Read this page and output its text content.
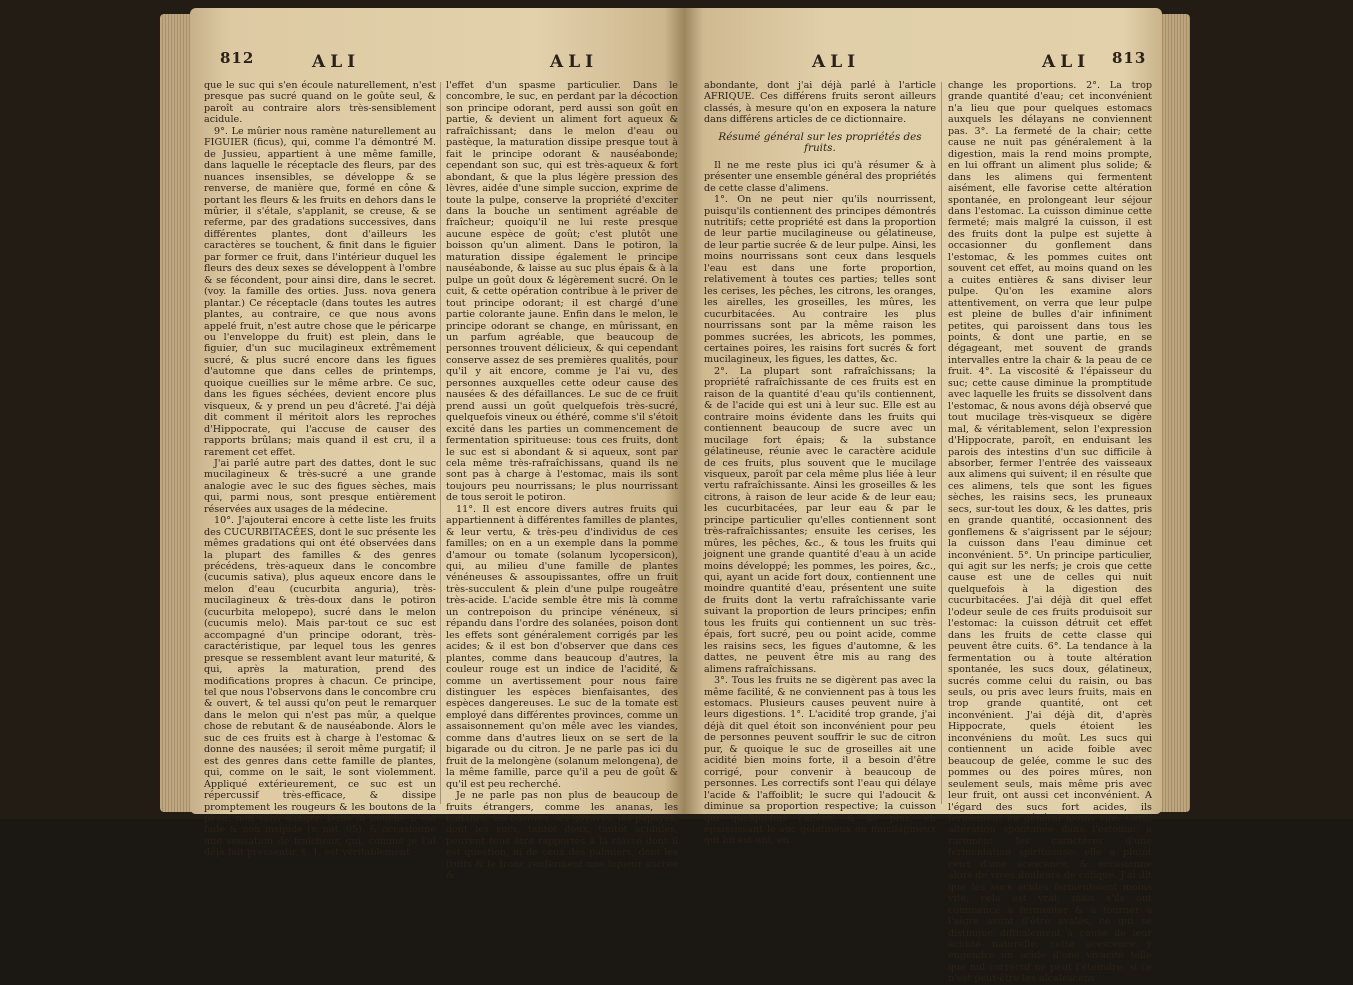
812	ALI	ALI

que le suc qui s'en écoule naturellement, n'est presque pas sucré quand on le goûte seul, & paroît au contraire alors très-sensiblement acidule.

9°. Le mûrier nous ramène naturellement au FIGUIER (ficus), qui, comme l'a démontré M. de Jussieu, appartient à une même famille, dans laquelle le réceptacle des fleurs, par des nuances insensibles, se développe & se renverse, de manière que, formé en cône & portant les fleurs & les fruits en dehors dans le mûrier, il s'étale, s'applanit, se creuse, & se referme, par des gradations successives, dans différentes plantes, dont d'ailleurs les caractères se touchent, & finit dans le figuier par former ce fruit, dans l'intérieur duquel les fleurs des deux sexes se développent à l'ombre & se fécondent, pour ainsi dire, dans le secret. (voy. la famille des orties. Juss. nova genera plantar.) Ce réceptacle (dans toutes les autres plantes, au contraire, ce que nous avons appelé fruit, n'est autre chose que le péricarpe ou l'enveloppe du fruit) est plein, dans le figuier, d'un suc mucilagineux extrêmement sucré, & plus sucré encore dans les figues d'automne que dans celles de printemps, quoique cueillies sur le même arbre. Ce suc, dans les figues séchées, devient encore plus visqueux, & y prend un peu d'âcreté. J'ai déjà dit comment il méritoit alors les reproches d'Hippocrate, qui l'accuse de causer des rapports brûlans; mais quand il est cru, il a rarement cet effet.

J'ai parlé autre part des dattes, dont le suc mucilagineux & très-sucré a une grande analogie avec le suc des figues sèches, mais qui, parmi nous, sont presque entièrement réservées aux usages de la médecine.

10°. J'ajouterai encore à cette liste les fruits des CUCURBITACÉES, dont le suc présente les mêmes gradations qui ont été observées dans la plupart des familles & des genres précédens, très-aqueux dans le concombre (cucumis sativa), plus aqueux encore dans le melon d'eau (cucurbita anguria), très-mucilagineux & très-doux dans le potiron (cucurbita melopepo), sucré dans le melon (cucumis melo). Mais par-tout ce suc est accompagné d'un principe odorant, très-caractéristique, par lequel tous les genres presque se ressemblent avant leur maturité, & qui, après la maturation, prend des modifications propres à chacun. Ce principe, tel que nous l'observons dans le concombre cru & ouvert, & tel aussi qu'on peut le remarquer dans le melon qui n'est pas mûr, a quelque chose de rebutant & de nauséabonde. Alors le suc de ces fruits est à charge à l'estomac & donne des nausées; il seroit même purgatif; il est des genres dans cette famille de plantes, qui, comme on le sait, le sont violemment. Appliqué extérieurement, ce suc est un répercussif très-efficace, & dissipe promptement les rougeurs & les boutons de la peau, non sans danger. Dans la bouche il est fade & non insipide (v. not. 65), & occasionne une sensation de fraîcheur, qui, comme je l'ai déjà fait pressentir, §. 1, est véritablement

l'effet d'un spasme particulier. Dans le concombre, le suc, en perdant par la décoction son principe odorant, perd aussi son goût en partie, & devient un aliment fort aqueux & rafraîchissant; dans le melon d'eau ou pastèque, la maturation dissipe presque tout à fait le principe odorant & nauséabonde; cependant son suc, qui est très-aqueux & fort abondant, & que la plus légère pression des lèvres, aidée d'une simple succion, exprime de toute la pulpe, conserve la propriété d'exciter dans la bouche un sentiment agréable de fraîcheur; quoiqu'il ne lui reste presque aucune espèce de goût; c'est plutôt une boisson qu'un aliment. Dans le potiron, la maturation dissipe également le principe nauséabonde, & laisse au suc plus épais & à la pulpe un goût doux & légèrement sucré. On le cuit, & cette opération contribue à le priver de tout principe odorant; il est chargé d'une partie colorante jaune. Enfin dans le melon, le principe odorant se change, en mûrissant, en un parfum agréable, que beaucoup de personnes trouvent délicieux, & qui cependant conserve assez de ses premières qualités, pour qu'il y ait encore, comme je l'ai vu, des personnes auxquelles cette odeur cause des nausées & des défaillances. Le suc de ce fruit prend aussi un goût quelquefois très-sucré, quelquefois vineux ou éthéré, comme s'il s'étoit excité dans les parties un commencement de fermentation spiritueuse: tous ces fruits, dont le suc est si abondant & si aqueux, sont par cela même très-rafraîchissans, quand ils ne sont pas à charge à l'estomac, mais ils sont toujours peu nourrissans; le plus nourrissant de tous seroit le potiron.

11°. Il est encore divers autres fruits qui appartiennent à différentes familles de plantes, & leur vertu, & très-peu d'individus de ces familles; on en a un exemple dans la pomme d'amour ou tomate (solanum lycopersicon), qui, au milieu d'une famille de plantes vénéneuses & assoupissantes, offre un fruit très-succulent & plein d'une pulpe rougeâtre très-acide. L'acide semble être mis là comme un contrepoison du principe vénéneux, si répandu dans l'ordre des solanées, poison dont les effets sont généralement corrigés par les acides; & il est bon d'observer que dans ces plantes, comme dans beaucoup d'autres, la couleur rouge est un indice de l'acidité, & comme un avertissement pour nous faire distinguer les espèces bienfaisantes, des espèces dangereuses. Le suc de la tomate est employé dans différentes provinces, comme un assaisonnement qu'on mêle avec les viandes, comme dans d'autres lieux on se sert de la bigarade ou du citron. Je ne parle pas ici du fruit de la melongène (solanum melongena), de la même famille, parce qu'il a peu de goût & qu'il est peu recherché.

Je ne parle pas non plus de beaucoup de fruits étrangers, comme les ananas, les bananes, les bacoves, les goyaves, les papayes, dont les sucs, tantôt doux, tantôt acidules, peuvent tous être rapportés à la classe dont il est question, ni de ceux des palmiers, dont les fruits & le tronc renferment une liqueur sucrée &

ALI	ALI 813

abondante, dont j'ai déjà parlé à l'article AFRIQUE. Ces différens fruits seront ailleurs classés, à mesure qu'on en exposera la nature dans différens articles de ce dictionnaire.

Résumé général sur les propriétés des fruits.

Il ne me reste plus ici qu'à résumer & à présenter une ensemble général des propriétés de cette classe d'alimens.

1°. On ne peut nier qu'ils nourrissent, puisqu'ils contiennent des principes démontrés nutritifs; cette propriété est dans la proportion de leur partie mucilagineuse ou gélatineuse, de leur partie sucrée & de leur pulpe. Ainsi, les moins nourrissans sont ceux dans lesquels l'eau est dans une forte proportion, relativement à toutes ces parties; telles sont les cerises, les pêches, les citrons, les oranges, les airelles, les groseilles, les mûres, les cucurbitacées. Au contraire les plus nourrissans sont par la même raison les pommes sucrées, les abricots, les pommes, certaines poires, les raisins fort sucrés & fort mucilagineux, les figues, les dattes, &c.

2°. La plupart sont rafraîchissans; la propriété rafraîchissante de ces fruits est en raison de la quantité d'eau qu'ils contiennent, & de l'acide qui est uni à leur suc. Elle est au contraire moins évidente dans les fruits qui contiennent beaucoup de sucre avec un mucilage fort épais; & la substance gélatineuse, réunie avec le caractère acidule de ces fruits, plus souvent que le mucilage visqueux, paroît par cela même plus liée à leur vertu rafraîchissante. Ainsi les groseilles & les citrons, à raison de leur acide & de leur eau; les cucurbitacées, par leur eau & par le principe particulier qu'elles contiennent sont très-rafraîchissantes; ensuite les cerises, les mûres, les pêches, &c., & tous les fruits qui joignent une grande quantité d'eau à un acide moins développé; les pommes, les poires, &c., qui, ayant un acide fort doux, contiennent une moindre quantité d'eau, présentent une suite de fruits dont la vertu rafraîchissante varie suivant la proportion de leurs principes; enfin tous les fruits qui contiennent un suc très-épais, fort sucré, peu ou point acide, comme les raisins secs, les figues d'automne, & les dattes, ne peuvent être mis au rang des alimens rafraîchissans.

3°. Tous les fruits ne se digèrent pas avec la même facilité, & ne conviennent pas à tous les estomacs. Plusieurs causes peuvent nuire à leurs digestions. 1°. L'acidité trop grande, j'ai déjà dit quel étoit son inconvénient pour peu de personnes peuvent souffrir le suc de citron pur, & quoique le suc de groseilles ait une acidité bien moins forte, il a besoin d'être corrigé, pour convenir à beaucoup de personnes. Les correctifs sont l'eau qui délaye l'acide & l'affoiblit; le sucre qui l'adoucit & diminue sa proportion respective; la cuisson qui quelquefois l'altère, & de plus, en épaississant le suc gélatineux ou mucilagineux qui lui est uni, en

change les proportions. 2°. La trop grande quantité d'eau; cet inconvénient n'a lieu que pour quelques estomacs auxquels les délayans ne conviennent pas. 3°. La fermeté de la chair; cette cause ne nuit pas généralement à la digestion, mais la rend moins prompte, en lui offrant un aliment plus solide; & dans les alimens qui fermentent aisément, elle favorise cette altération spontanée, en prolongeant leur séjour dans l'estomac. La cuisson diminue cette fermeté; mais malgré la cuisson, il est des fruits dont la pulpe est sujette à occasionner du gonflement dans l'estomac, & les pommes cuites ont souvent cet effet, au moins quand on les a cuites entières & sans diviser leur pulpe. Qu'on les examine alors attentivement, on verra que leur pulpe est pleine de bulles d'air infiniment petites, qui paroissent dans tous les points, & dont une partie, en se dégageant, met souvent de grands intervalles entre la chair & la peau de ce fruit. 4°. La viscosité & l'épaisseur du suc; cette cause diminue la promptitude avec laquelle les fruits se dissolvent dans l'estomac, & nous avons déjà observé que tout mucilage très-visqueux se digère mal, & véritablement, selon l'expression d'Hippocrate, paroît, en enduisant les parois des intestins d'un suc difficile à absorber, fermer l'entrée des vaisseaux aux alimens qui suivent; il en résulte que ces alimens, tels que sont les figues sèches, les raisins secs, les pruneaux secs, sur-tout les doux, & les dattes, pris en grande quantité, occasionnent des gonflemens & s'aigrissent par le séjour; la cuisson dans l'eau diminue cet inconvénient. 5°. Un principe particulier, qui agit sur les nerfs; je crois que cette cause est une de celles qui nuit quelquefois à la digestion des cucurbitacées. J'ai déjà dit quel effet l'odeur seule de ces fruits produisoit sur l'estomac: la cuisson détruit cet effet dans les fruits de cette classe qui peuvent être cuits. 6°. La tendance à la fermentation ou à toute altération spontanée, les sucs doux, gélatineux, sucrés comme celui du raisin, ou bas seuls, ou pris avec leurs fruits, mais en trop grande quantité, ont cet inconvénient. J'ai déjà dit, d'après Hippocrate, quels étoient les inconvéniens du moût. Les sucs qui contiennent un acide foible avec beaucoup de gelée, comme le suc des pommes ou des poires mûres, non seulement seuls, mais même pris avec leur fruit, ont aussi cet inconvénient. A l'égard des sucs fort acides, ils fermentent en général moins vite. Cette altération spontanée dans l'estomac a rarement les caractères d'une fermentation spiritueuse; elle a plutôt ceux d'une acescence, & occasionne alors de vives douleurs de colique. J'ai dit que les sucs acides fermentoient moins vite; cela est vrai; mais s'ils ont commencé à fermenter & à tourner à l'aigre avant d'être avalés, ce qui se distingue difficilement à cause de leur acidité naturelle; cette acescence y engendre un acide d'une vivacité telle que nul correctif ne peut l'éteindre; si ce n'est peut-être les alcalescens.
